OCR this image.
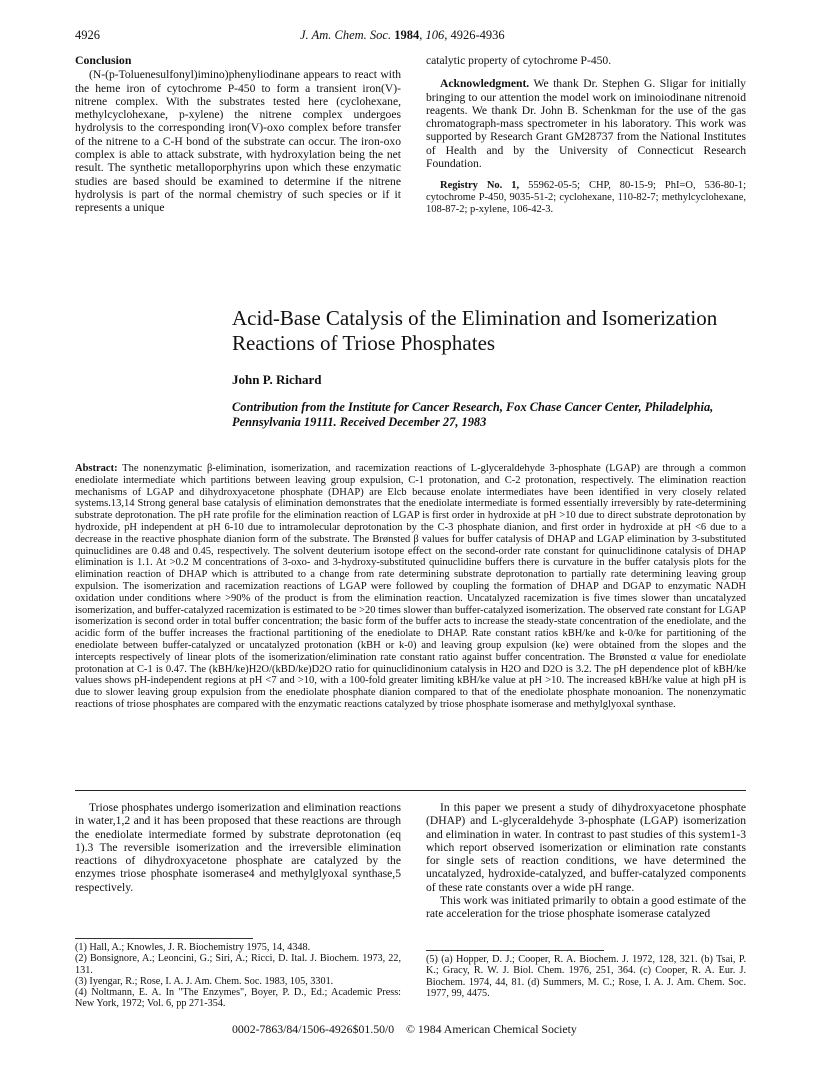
4926	J. Am. Chem. Soc. 1984, 106, 4926-4936
Conclusion

(N-(p-Toluenesulfonyl)imino)phenyliodinane appears to react with the heme iron of cytochrome P-450 to form a transient iron(V)-nitrene complex. With the substrates tested here (cyclohexane, methylcyclohexane, p-xylene) the nitrene complex undergoes hydrolysis to the corresponding iron(V)-oxo complex before transfer of the nitrene to a C-H bond of the substrate can occur. The iron-oxo complex is able to attack substrate, with hydroxylation being the net result. The synthetic metalloporphyrins upon which these enzymatic studies are based should be examined to determine if the nitrene hydrolysis is part of the normal chemistry of such species or if it represents a unique

catalytic property of cytochrome P-450.

Acknowledgment. We thank Dr. Stephen G. Sligar for initially bringing to our attention the model work on iminoiodinane nitrenoid reagents. We thank Dr. John B. Schenkman for the use of the gas chromatograph-mass spectrometer in his laboratory. This work was supported by Research Grant GM28737 from the National Institutes of Health and by the University of Connecticut Research Foundation.

Registry No. 1, 55962-05-5; CHP, 80-15-9; PhI=O, 536-80-1; cytochrome P-450, 9035-51-2; cyclohexane, 110-82-7; methylcyclohexane, 108-87-2; p-xylene, 106-42-3.

Acid-Base Catalysis of the Elimination and Isomerization
Reactions of Triose Phosphates
John P. Richard
Contribution from the Institute for Cancer Research, Fox Chase Cancer Center, Philadelphia,
Pennsylvania 19111. Received December 27, 1983
Abstract: The nonenzymatic β-elimination, isomerization, and racemization reactions of L-glyceraldehyde 3-phosphate (LGAP) are through a common enediolate intermediate which partitions between leaving group expulsion, C-1 protonation, and C-2 protonation, respectively. The elimination reaction mechanisms of LGAP and dihydroxyacetone phosphate (DHAP) are Elcb because enolate intermediates have been identified in very closely related systems.13,14 Strong general base catalysis of elimination demonstrates that the enediolate intermediate is formed essentially irreversibly by rate-determining substrate deprotonation. The pH rate profile for the elimination reaction of LGAP is first order in hydroxide at pH >10 due to direct substrate deprotonation by hydroxide, pH independent at pH 6-10 due to intramolecular deprotonation by the C-3 phosphate dianion, and first order in hydroxide at pH <6 due to a decrease in the reactive phosphate dianion form of the substrate. The Brønsted β values for buffer catalysis of DHAP and LGAP elimination by 3-substituted quinuclidines are 0.48 and 0.45, respectively. The solvent deuterium isotope effect on the second-order rate constant for quinuclidinone catalysis of DHAP elimination is 1.1. At >0.2 M concentrations of 3-oxo- and 3-hydroxy-substituted quinuclidine buffers there is curvature in the buffer catalysis plots for the elimination reaction of DHAP which is attributed to a change from rate determining substrate deprotonation to partially rate determining leaving group expulsion. The isomerization and racemization reactions of LGAP were followed by coupling the formation of DHAP and DGAP to enzymatic NADH oxidation under conditions where >90% of the product is from the elimination reaction. Uncatalyzed racemization is five times slower than uncatalyzed isomerization, and buffer-catalyzed racemization is estimated to be >20 times slower than buffer-catalyzed isomerization. The observed rate constant for LGAP isomerization is second order in total buffer concentration; the basic form of the buffer acts to increase the steady-state concentration of the enediolate, and the acidic form of the buffer increases the fractional partitioning of the enediolate to DHAP. Rate constant ratios kBH/ke and k-0/ke for partitioning of the enediolate between buffer-catalyzed or uncatalyzed protonation (kBH or k-0) and leaving group expulsion (ke) were obtained from the slopes and the intercepts respectively of linear plots of the isomerization/elimination rate constant ratio against buffer concentration. The Brønsted α value for enediolate protonation at C-1 is 0.47. The (kBH/ke)H2O/(kBD/ke)D2O ratio for quinuclidinonium catalysis in H2O and D2O is 3.2. The pH dependence plot of kBH/ke values shows pH-independent regions at pH <7 and >10, with a 100-fold greater limiting kBH/ke value at pH >10. The increased kBH/ke value at high pH is due to slower leaving group expulsion from the enediolate phosphate dianion compared to that of the enediolate phosphate monoanion. The nonenzymatic reactions of triose phosphates are compared with the enzymatic reactions catalyzed by triose phosphate isomerase and methylglyoxal synthase.

Triose phosphates undergo isomerization and elimination reactions in water,1,2 and it has been proposed that these reactions are through the enediolate intermediate formed by substrate deprotonation (eq 1).3 The reversible isomerization and the irreversible elimination reactions of dihydroxyacetone phosphate are catalyzed by the enzymes triose phosphate isomerase4 and methylglyoxal synthase,5 respectively.

In this paper we present a study of dihydroxyacetone phosphate (DHAP) and L-glyceraldehyde 3-phosphate (LGAP) isomerization and elimination in water. In contrast to past studies of this system1-3 which report observed isomerization or elimination rate constants for single sets of reaction conditions, we have determined the uncatalyzed, hydroxide-catalyzed, and buffer-catalyzed components of these rate constants over a wide pH range.

This work was initiated primarily to obtain a good estimate of the rate acceleration for the triose phosphate isomerase catalyzed

(1) Hall, A.; Knowles, J. R. Biochemistry 1975, 14, 4348.

(2) Bonsignore, A.; Leoncini, G.; Siri, A.; Ricci, D. Ital. J. Biochem. 1973, 22, 131.

(3) Iyengar, R.; Rose, I. A. J. Am. Chem. Soc. 1983, 105, 3301.

(4) Noltmann, E. A. In "The Enzymes", Boyer, P. D., Ed.; Academic Press: New York, 1972; Vol. 6, pp 271-354.

(5) (a) Hopper, D. J.; Cooper, R. A. Biochem. J. 1972, 128, 321. (b) Tsai, P. K.; Gracy, R. W. J. Biol. Chem. 1976, 251, 364. (c) Cooper, R. A. Eur. J. Biochem. 1974, 44, 81. (d) Summers, M. C.; Rose, I. A. J. Am. Chem. Soc. 1977, 99, 4475.

0002-7863/84/1506-4926$01.50/0 © 1984 American Chemical Society
